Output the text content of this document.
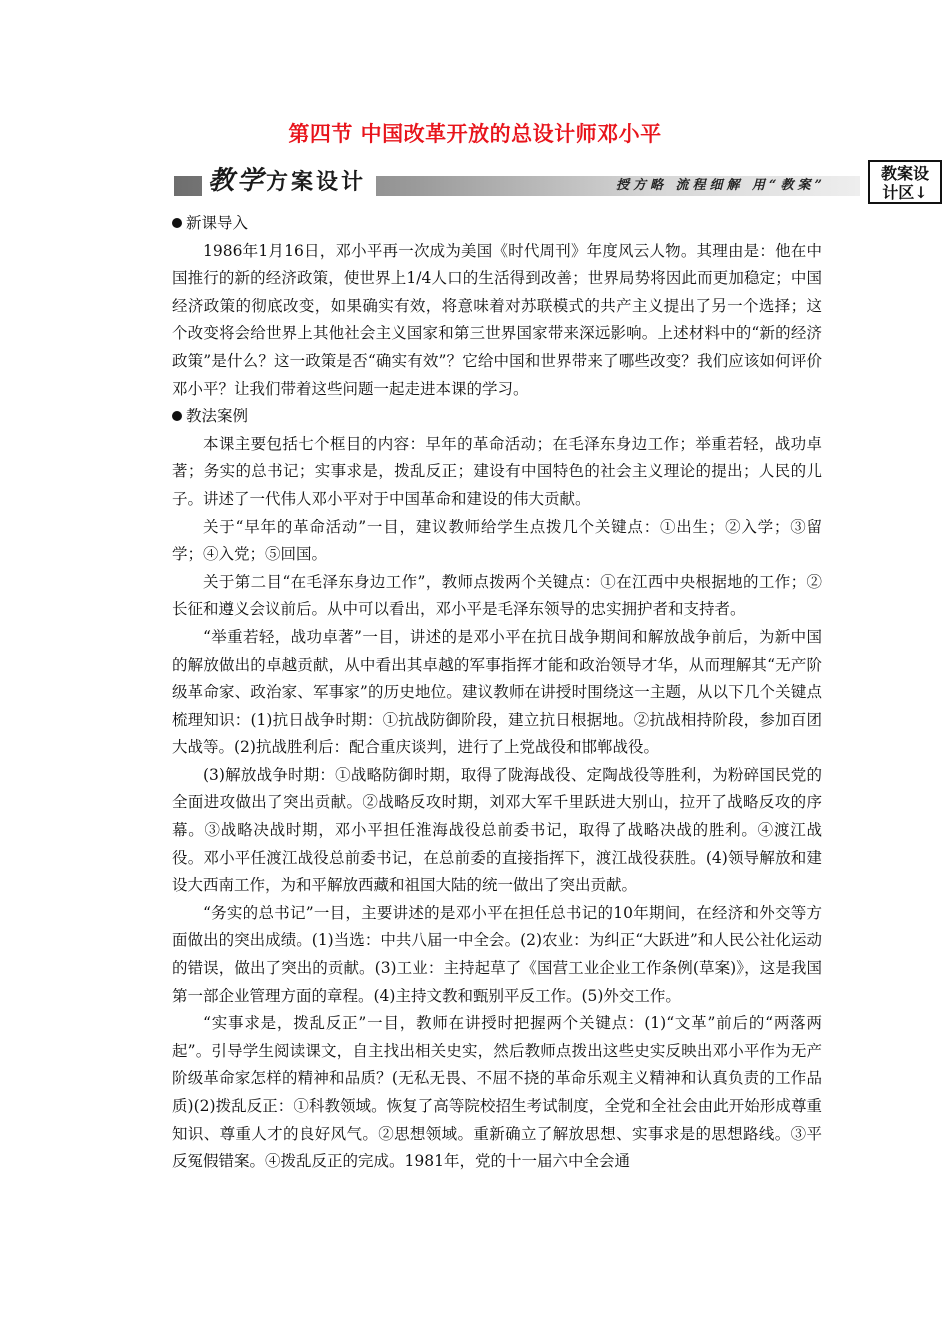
第四节 中国改革开放的总设计师邓小平
教学方案设计	授方略 流程细解 用“教案”
教案设
计区↓

新课导入

1986年1月16日，邓小平再一次成为美国《时代周刊》年度风云人物。其理由是：他在中国推行的新的经济政策，使世界上1/4人口的生活得到改善；世界局势将因此而更加稳定；中国经济政策的彻底改变，如果确实有效，将意味着对苏联模式的共产主义提出了另一个选择；这个改变将会给世界上其他社会主义国家和第三世界国家带来深远影响。上述材料中的“新的经济政策”是什么？这一政策是否“确实有效”？它给中国和世界带来了哪些改变？我们应该如何评价邓小平？让我们带着这些问题一起走进本课的学习。

教法案例

本课主要包括七个框目的内容：早年的革命活动；在毛泽东身边工作；举重若轻，战功卓著；务实的总书记；实事求是，拨乱反正；建设有中国特色的社会主义理论的提出；人民的儿子。讲述了一代伟人邓小平对于中国革命和建设的伟大贡献。

关于“早年的革命活动”一目，建议教师给学生点拨几个关键点：①出生；②入学；③留学；④入党；⑤回国。

关于第二目“在毛泽东身边工作”，教师点拨两个关键点：①在江西中央根据地的工作；②长征和遵义会议前后。从中可以看出，邓小平是毛泽东领导的忠实拥护者和支持者。

“举重若轻，战功卓著”一目，讲述的是邓小平在抗日战争期间和解放战争前后，为新中国的解放做出的卓越贡献，从中看出其卓越的军事指挥才能和政治领导才华，从而理解其“无产阶级革命家、政治家、军事家”的历史地位。建议教师在讲授时围绕这一主题，从以下几个关键点梳理知识：(1)抗日战争时期：①抗战防御阶段，建立抗日根据地。②抗战相持阶段，参加百团大战等。(2)抗战胜利后：配合重庆谈判，进行了上党战役和邯郸战役。

(3)解放战争时期：①战略防御时期，取得了陇海战役、定陶战役等胜利，为粉碎国民党的全面进攻做出了突出贡献。②战略反攻时期，刘邓大军千里跃进大别山，拉开了战略反攻的序幕。③战略决战时期，邓小平担任淮海战役总前委书记，取得了战略决战的胜利。④渡江战役。邓小平任渡江战役总前委书记，在总前委的直接指挥下，渡江战役获胜。(4)领导解放和建设大西南工作，为和平解放西藏和祖国大陆的统一做出了突出贡献。

“务实的总书记”一目，主要讲述的是邓小平在担任总书记的10年期间，在经济和外交等方面做出的突出成绩。(1)当选：中共八届一中全会。(2)农业：为纠正“大跃进”和人民公社化运动的错误，做出了突出的贡献。(3)工业：主持起草了《国营工业企业工作条例(草案)》，这是我国第一部企业管理方面的章程。(4)主持文教和甄别平反工作。(5)外交工作。

“实事求是，拨乱反正”一目，教师在讲授时把握两个关键点：(1)“文革”前后的“两落两起”。引导学生阅读课文，自主找出相关史实，然后教师点拨出这些史实反映出邓小平作为无产阶级革命家怎样的精神和品质？(无私无畏、不屈不挠的革命乐观主义精神和认真负责的工作品质)(2)拨乱反正：①科教领域。恢复了高等院校招生考试制度，全党和全社会由此开始形成尊重知识、尊重人才的良好风气。②思想领域。重新确立了解放思想、实事求是的思想路线。③平反冤假错案。④拨乱反正的完成。1981年，党的十一届六中全会通
